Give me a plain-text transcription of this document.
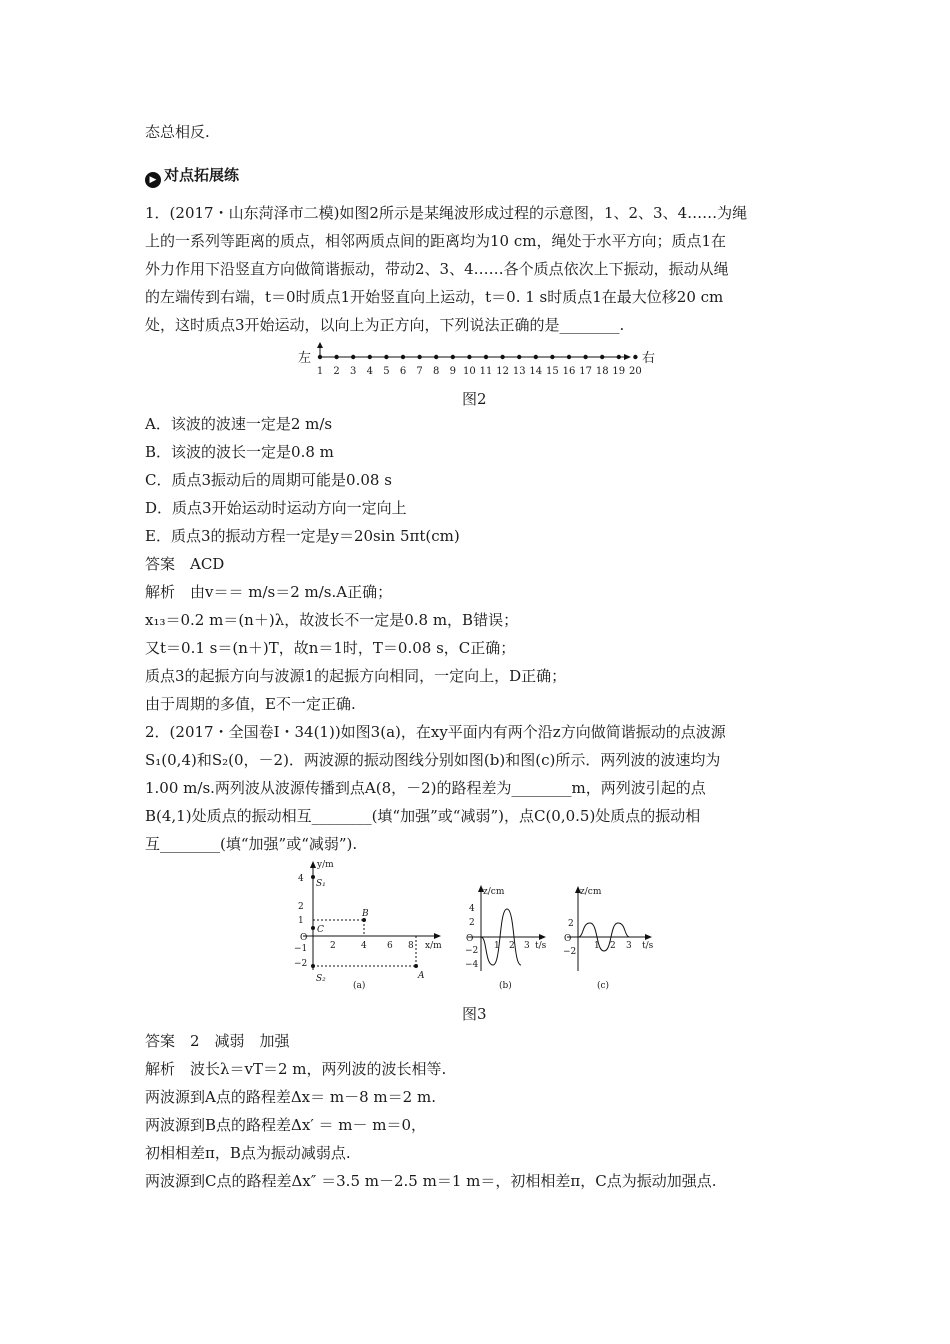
态总相反.
▶ 对点拓展练
1．(2017・山东菏泽市二模)如图2所示是某绳波形成过程的示意图，1、2、3、4……为绳
上的一系列等距离的质点，相邻两质点间的距离均为10 cm，绳处于水平方向；质点1在
外力作用下沿竖直方向做简谐振动，带动2、3、4……各个质点依次上下振动，振动从绳
的左端传到右端，t＝0时质点1开始竖直向上运动，t＝0. 1 s时质点1在最大位移20 cm
处，这时质点3开始运动，以向上为正方向，下列说法正确的是________.
左	右
1 2 3 4 5 6 7 8 9 10 11 12 13 14 15 16 17 18 19 20
图2
A．该波的波速一定是2 m/s
B．该波的波长一定是0.8 m
C．质点3振动后的周期可能是0.08 s
D．质点3开始运动时运动方向一定向上
E．质点3的振动方程一定是y＝20sin 5πt(cm)
答案　ACD
解析　由v＝＝ m/s＝2 m/s.A正确；
x₁₃＝0.2 m＝(n＋)λ，故波长不一定是0.8 m，B错误；
又t＝0.1 s＝(n＋)T，故n＝1时，T＝0.08 s，C正确；
质点3的起振方向与波源1的起振方向相同，一定向上，D正确；
由于周期的多值，E不一定正确.
2．(2017・全国卷Ⅰ・34(1))如图3(a)，在xy平面内有两个沿z方向做简谐振动的点波源
S₁(0,4)和S₂(0，－2)．两波源的振动图线分别如图(b)和图(c)所示．两列波的波速均为
1.00 m/s.两列波从波源传播到点A(8，－2)的路程差为________m，两列波引起的点
B(4,1)处质点的振动相互________(填“加强”或“减弱”)，点C(0,0.5)处质点的振动相
互________(填“加强”或“减弱”).
y/m
x/m
O
4
2
1
−1
−2
2	4 6 8
S₁
B
C
S₂	A
(a)
z/cm
t/s
O
4
2
−2
−4
1 2 3
(b)
z/cm
t/s
O
2
−2
1 2 3
(c)
图3
答案　2　减弱　加强
解析　波长λ＝vT＝2 m，两列波的波长相等.
两波源到A点的路程差Δx＝ m－8 m＝2 m.
两波源到B点的路程差Δx′ ＝ m－ m＝0，
初相相差π，B点为振动减弱点.
两波源到C点的路程差Δx″ ＝3.5 m－2.5 m＝1 m＝，初相相差π，C点为振动加强点.
